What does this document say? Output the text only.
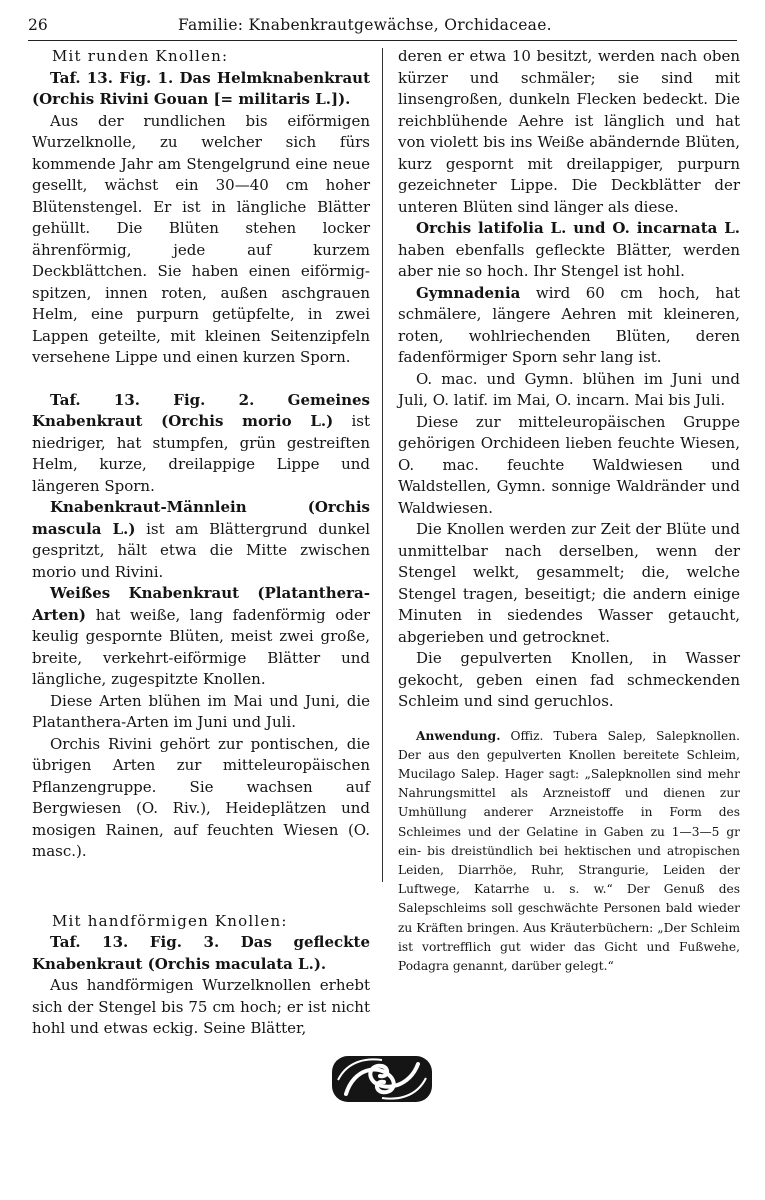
26	Familie: Knabenkrautgewächse, Orchidaceae.

Mit runden Knollen:

Taf. 13. Fig. 1. Das Helmknabenkraut (Orchis Rivini Gouan [= militaris L.]).

Aus der rundlichen bis eiförmigen Wurzelknolle, zu welcher sich fürs kommende Jahr am Stengelgrund eine neue gesellt, wächst ein 30—40 cm hoher Blütenstengel. Er ist in längliche Blätter gehüllt. Die Blüten stehen locker ährenförmig, jede auf kurzem Deckblättchen. Sie haben einen eiförmig-spitzen, innen roten, außen aschgrauen Helm, eine purpurn getüpfelte, in zwei Lappen geteilte, mit kleinen Seitenzipfeln versehene Lippe und einen kurzen Sporn.

Taf. 13. Fig. 2. Gemeines Knabenkraut (Orchis morio L.) ist niedriger, hat stumpfen, grün gestreiften Helm, kurze, dreilappige Lippe und längeren Sporn.

Knabenkraut-Männlein (Orchis mascula L.) ist am Blättergrund dunkel gespritzt, hält etwa die Mitte zwischen morio und Rivini.

Weißes Knabenkraut (Platanthera-Arten) hat weiße, lang fadenförmig oder keulig gespornte Blüten, meist zwei große, breite, verkehrt-eiförmige Blätter und längliche, zugespitzte Knollen.

Diese Arten blühen im Mai und Juni, die Platanthera-Arten im Juni und Juli.

Orchis Rivini gehört zur pontischen, die übrigen Arten zur mitteleuropäischen Pflanzengruppe. Sie wachsen auf Bergwiesen (O. Riv.), Heideplätzen und mosigen Rainen, auf feuchten Wiesen (O. masc.).

Mit handförmigen Knollen:

Taf. 13. Fig. 3. Das gefleckte Knabenkraut (Orchis maculata L.).

Aus handförmigen Wurzelknollen erhebt sich der Stengel bis 75 cm hoch; er ist nicht hohl und etwas eckig. Seine Blätter,

deren er etwa 10 besitzt, werden nach oben kürzer und schmäler; sie sind mit linsengroßen, dunkeln Flecken bedeckt. Die reichblühende Aehre ist länglich und hat von violett bis ins Weiße abändernde Blüten, kurz gespornt mit dreilappiger, purpurn gezeichneter Lippe. Die Deckblätter der unteren Blüten sind länger als diese.

Orchis latifolia L. und O. incarnata L. haben ebenfalls gefleckte Blätter, werden aber nie so hoch. Ihr Stengel ist hohl.

Gymnadenia wird 60 cm hoch, hat schmälere, längere Aehren mit kleineren, roten, wohlriechenden Blüten, deren fadenförmiger Sporn sehr lang ist.

O. mac. und Gymn. blühen im Juni und Juli, O. latif. im Mai, O. incarn. Mai bis Juli.

Diese zur mitteleuropäischen Gruppe gehörigen Orchideen lieben feuchte Wiesen, O. mac. feuchte Waldwiesen und Waldstellen, Gymn. sonnige Waldränder und Waldwiesen.

Die Knollen werden zur Zeit der Blüte und unmittelbar nach derselben, wenn der Stengel welkt, gesammelt; die, welche Stengel tragen, beseitigt; die andern einige Minuten in siedendes Wasser getaucht, abgerieben und getrocknet.

Die gepulverten Knollen, in Wasser gekocht, geben einen fad schmeckenden Schleim und sind geruchlos.

Anwendung. Offiz. Tubera Salep, Salepknollen. Der aus den gepulverten Knollen bereitete Schleim, Mucilago Salep. Hager sagt: „Salepknollen sind mehr Nahrungsmittel als Arzneistoff und dienen zur Umhüllung anderer Arzneistoffe in Form des Schleimes und der Gelatine in Gaben zu 1—3—5 gr ein- bis dreistündlich bei hektischen und atropischen Leiden, Diarrhöe, Ruhr, Strangurie, Leiden der Luftwege, Katarrhe u. s. w.“ Der Genuß des Salepschleims soll geschwächte Personen bald wieder zu Kräften bringen. Aus Kräuterbüchern: „Der Schleim ist vortrefflich gut wider das Gicht und Fußwehe, Podagra genannt, darüber gelegt.“
